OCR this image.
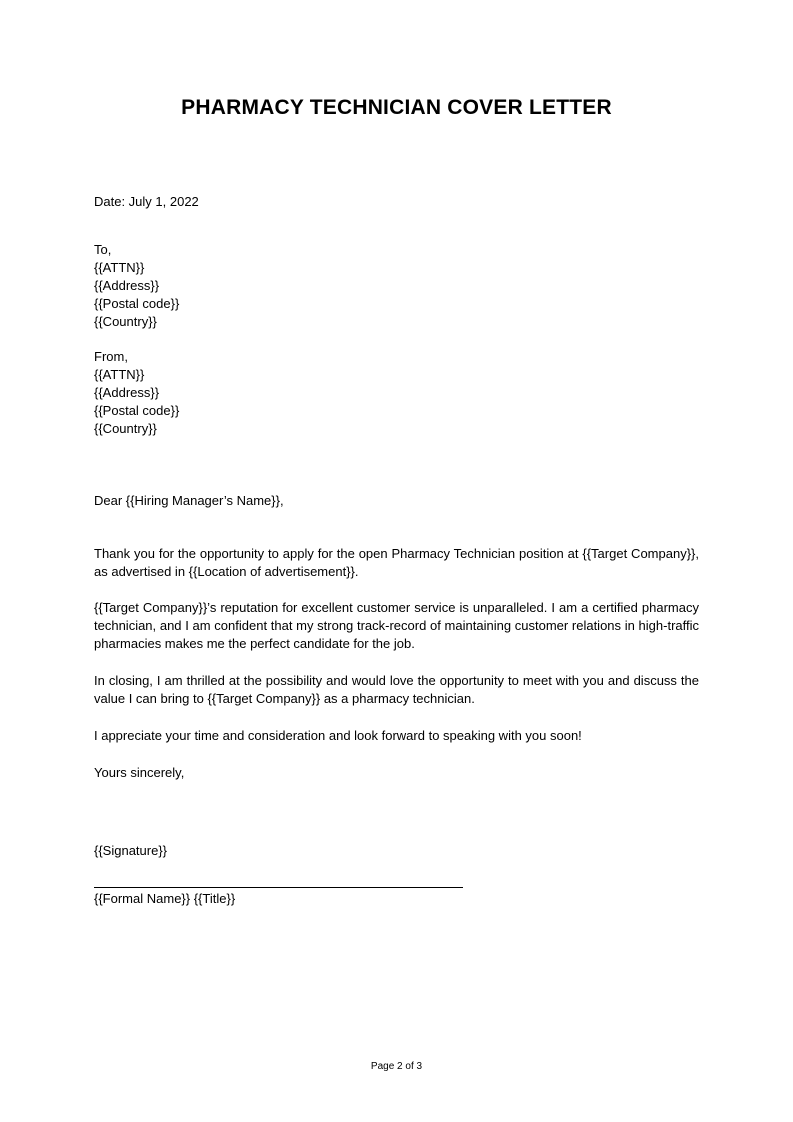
PHARMACY TECHNICIAN COVER LETTER
Date: July 1, 2022
To,
{{ATTN}}
{{Address}}
{{Postal code}}
{{Country}}
From,
{{ATTN}}
{{Address}}
{{Postal code}}
{{Country}}
Dear {{Hiring Manager’s Name}},
Thank you for the opportunity to apply for the open Pharmacy Technician position at {{Target Company}}, as advertised in {{Location of advertisement}}.
{{Target Company}}’s reputation for excellent customer service is unparalleled. I am a certified pharmacy technician, and I am confident that my strong track-record of maintaining customer relations in high-traffic pharmacies makes me the perfect candidate for the job.
In closing, I am thrilled at the possibility and would love the opportunity to meet with you and discuss the value I can bring to {{Target Company}} as a pharmacy technician.
I appreciate your time and consideration and look forward to speaking with you soon!
Yours sincerely,
{{Signature}}
{{Formal Name}} {{Title}}
Page 2 of 3
